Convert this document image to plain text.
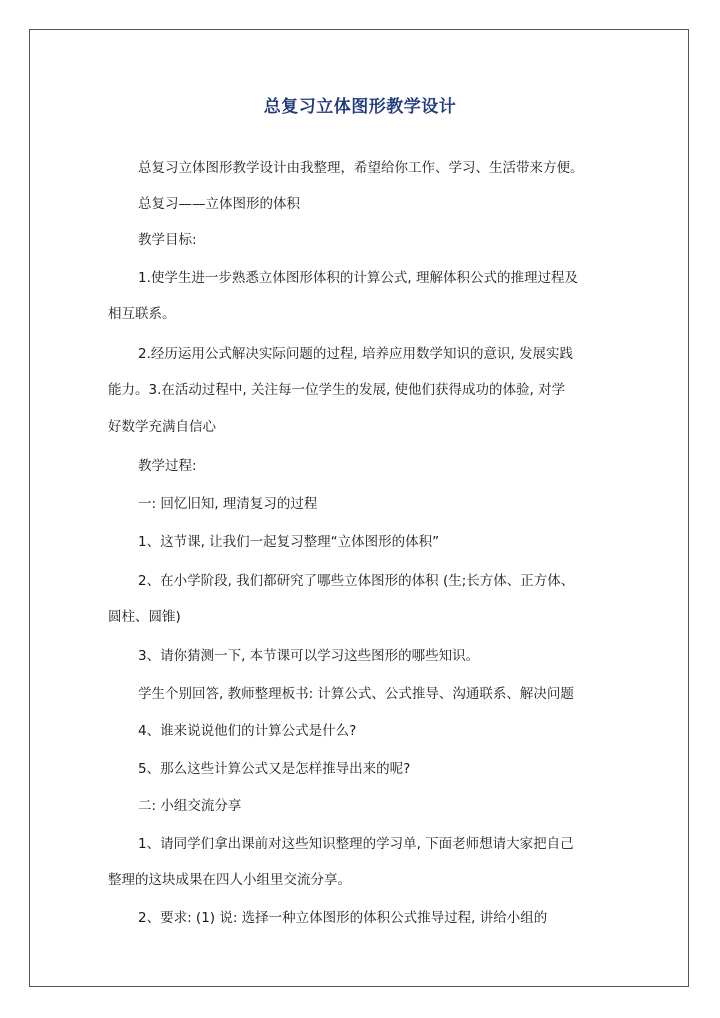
总复习立体图形教学设计

总复习立体图形教学设计由我整理，希望给你工作、学习、生活带来方便。

总复习——立体图形的体积

教学目标:

1.使学生进一步熟悉立体图形体积的计算公式, 理解体积公式的推理过程及

相互联系。

2.经历运用公式解决实际问题的过程, 培养应用数学知识的意识, 发展实践

能力。3.在活动过程中, 关注每一位学生的发展, 使他们获得成功的体验, 对学

好数学充满自信心

教学过程:

一: 回忆旧知, 理清复习的过程

1、这节课, 让我们一起复习整理“立体图形的体积”

2、在小学阶段, 我们都研究了哪些立体图形的体积 (生;长方体、正方体、

圆柱、圆锥)

3、请你猜测一下, 本节课可以学习这些图形的哪些知识。

学生个别回答, 教师整理板书: 计算公式、公式推导、沟通联系、解决问题

4、谁来说说他们的计算公式是什么?

5、那么这些计算公式又是怎样推导出来的呢?

二: 小组交流分享

1、请同学们拿出课前对这些知识整理的学习单, 下面老师想请大家把自己

整理的这块成果在四人小组里交流分享。

2、要求: (1) 说: 选择一种立体图形的体积公式推导过程, 讲给小组的
